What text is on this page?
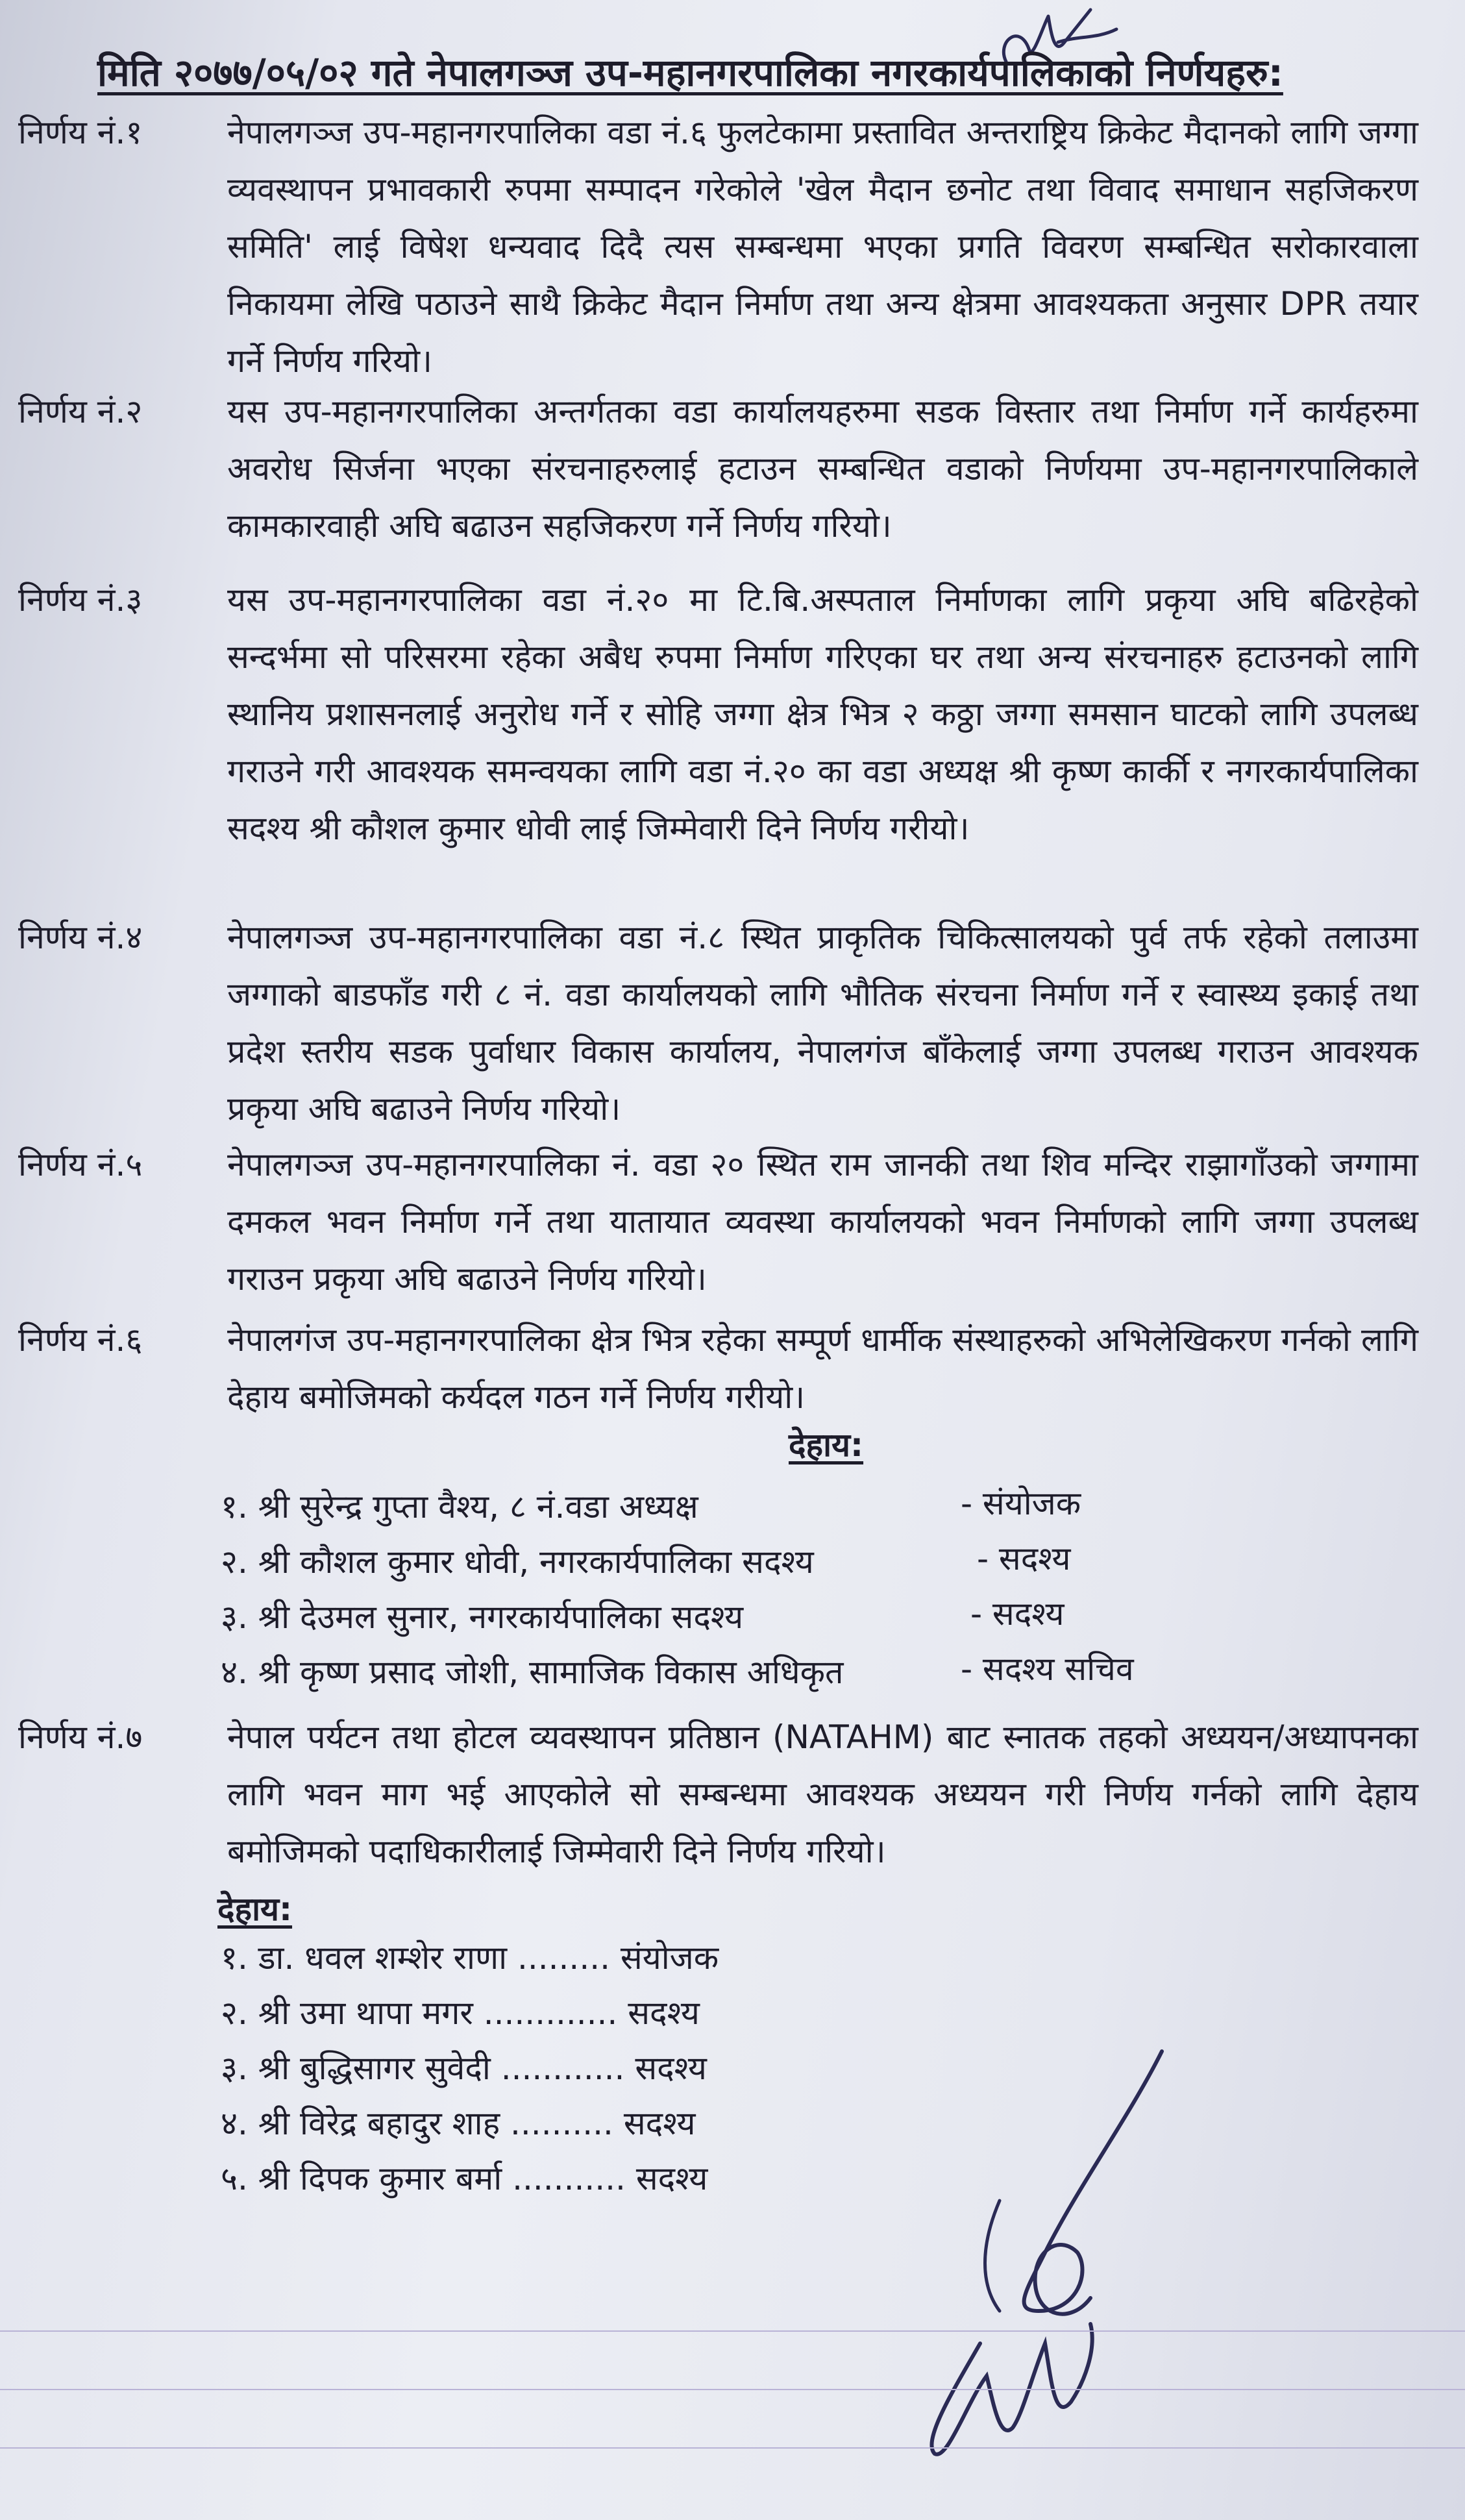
मिति २०७७/०५/०२ गते नेपालगञ्ज उप-महानगरपालिका नगरकार्यपालिकाको निर्णयहरु:
निर्णय नं.१	नेपालगञ्ज उप-महानगरपालिका वडा नं.६ फुलटेकामा प्रस्तावित अन्तराष्ट्रिय क्रिकेट मैदानको लागि जग्गा व्यवस्थापन प्रभावकारी रुपमा सम्पादन गरेकोले 'खेल मैदान छनोट तथा विवाद समाधान सहजिकरण समिति' लाई विषेश धन्यवाद दिदै त्यस सम्बन्धमा भएका प्रगति विवरण सम्बन्धित सरोकारवाला निकायमा लेखि पठाउने साथै क्रिकेट मैदान निर्माण तथा अन्य क्षेत्रमा आवश्यकता अनुसार DPR तयार गर्ने निर्णय गरियो।
निर्णय नं.२	यस उप-महानगरपालिका अन्तर्गतका वडा कार्यालयहरुमा सडक विस्तार तथा निर्माण गर्ने कार्यहरुमा अवरोध सिर्जना भएका संरचनाहरुलाई हटाउन सम्बन्धित वडाको निर्णयमा उप-महानगरपालिकाले कामकारवाही अघि बढाउन सहजिकरण गर्ने निर्णय गरियो।
निर्णय नं.३	यस उप-महानगरपालिका वडा नं.२० मा टि.बि.अस्पताल निर्माणका लागि प्रकृया अघि बढिरहेको सन्दर्भमा सो परिसरमा रहेका अबैध रुपमा निर्माण गरिएका घर तथा अन्य संरचनाहरु हटाउनको लागि स्थानिय प्रशासनलाई अनुरोध गर्ने र सोहि जग्गा क्षेत्र भित्र २ कठ्ठा जग्गा समसान घाटको लागि उपलब्ध गराउने गरी आवश्यक समन्वयका लागि वडा नं.२० का वडा अध्यक्ष श्री कृष्ण कार्की र नगरकार्यपालिका सदश्य श्री कौशल कुमार धोवी लाई जिम्मेवारी दिने निर्णय गरीयो।
निर्णय नं.४	नेपालगञ्ज उप-महानगरपालिका वडा नं.८ स्थित प्राकृतिक चिकित्सालयको पुर्व तर्फ रहेको तलाउमा जग्गाको बाडफाँड गरी ८ नं. वडा कार्यालयको लागि भौतिक संरचना निर्माण गर्ने र स्वास्थ्य इकाई तथा प्रदेश स्तरीय सडक पुर्वाधार विकास कार्यालय, नेपालगंज बाँकेलाई जग्गा उपलब्ध गराउन आवश्यक प्रकृया अघि बढाउने निर्णय गरियो।
निर्णय नं.५	नेपालगञ्ज उप-महानगरपालिका नं. वडा २० स्थित राम जानकी तथा शिव मन्दिर राझागाँउको जग्गामा दमकल भवन निर्माण गर्ने तथा यातायात व्यवस्था कार्यालयको भवन निर्माणको लागि जग्गा उपलब्ध गराउन प्रकृया अघि बढाउने निर्णय गरियो।
निर्णय नं.६	नेपालगंज उप-महानगरपालिका क्षेत्र भित्र रहेका सम्पूर्ण धार्मीक संस्थाहरुको अभिलेखिकरण गर्नको लागि देहाय बमोजिमको कर्यदल गठन गर्ने निर्णय गरीयो।
देहाय:
१. श्री सुरेन्द्र गुप्ता वैश्य, ८ नं.वडा अध्यक्ष	- संयोजक
२. श्री कौशल कुमार धोवी, नगरकार्यपालिका सदश्य	- सदश्य
३. श्री देउमल सुनार, नगरकार्यपालिका सदश्य	- सदश्य
४. श्री कृष्ण प्रसाद जोशी, सामाजिक विकास अधिकृत	- सदश्य सचिव
निर्णय नं.७	नेपाल पर्यटन तथा होटल व्यवस्थापन प्रतिष्ठान (NATAHM) बाट स्नातक तहको अध्ययन/अध्यापनका लागि भवन माग भई आएकोले सो सम्बन्धमा आवश्यक अध्ययन गरी निर्णय गर्नको लागि देहाय बमोजिमको पदाधिकारीलाई जिम्मेवारी दिने निर्णय गरियो।
देहाय:
१. डा. धवल शम्शेर राणा ......... संयोजक
२. श्री उमा थापा मगर ............. सदश्य
३. श्री बुद्धिसागर सुवेदी ............ सदश्य
४. श्री विरेद्र बहादुर शाह .......... सदश्य
५. श्री दिपक कुमार बर्मा ........... सदश्य
